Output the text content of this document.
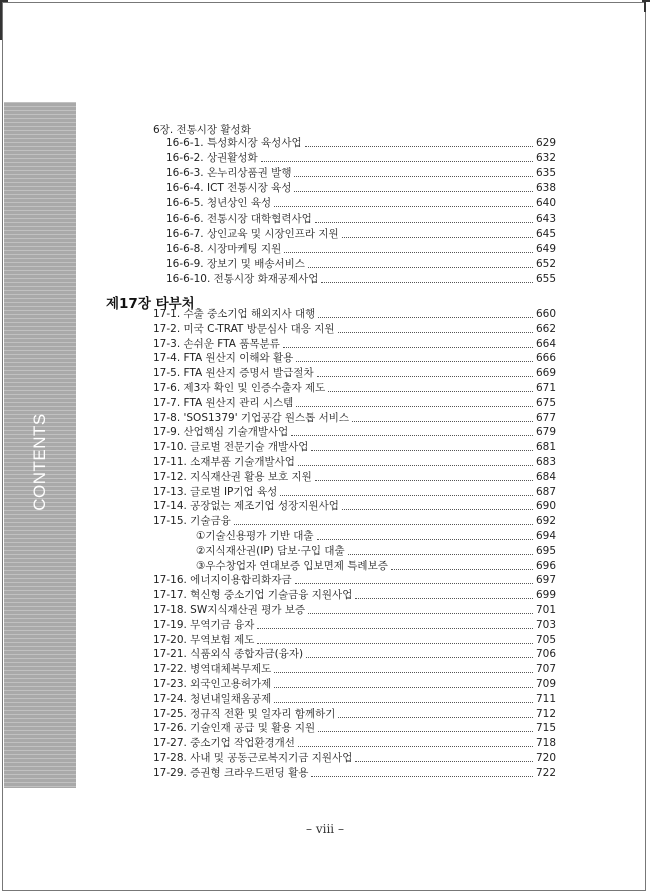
CONTENTS
6장. 전통시장 활성화
제17장 타부처
16-6-1. 특성화시장 육성사업	629
16-6-2. 상권활성화	632
16-6-3. 온누리상품권 발행	635
16-6-4. ICT 전통시장 육성	638
16-6-5. 청년상인 육성	640
16-6-6. 전통시장 대학협력사업	643
16-6-7. 상인교육 및 시장인프라 지원	645
16-6-8. 시장마케팅 지원	649
16-6-9. 장보기 및 배송서비스	652
16-6-10. 전통시장 화재공제사업	655
17-1. 수출 중소기업 해외지사 대행	660
17-2. 미국 C-TRAT 방문심사 대응 지원	662
17-3. 손쉬운 FTA 품목분류	664
17-4. FTA 원산지 이해와 활용	666
17-5. FTA 원산지 증명서 발급절차	669
17-6. 제3자 확인 및 인증수출자 제도	671
17-7. FTA 원산지 관리 시스템	675
17-8. 'SOS1379' 기업공감 원스톱 서비스	677
17-9. 산업핵심 기술개발사업	679
17-10. 글로벌 전문기술 개발사업	681
17-11. 소재부품 기술개발사업	683
17-12. 지식재산권 활용 보호 지원	684
17-13. 글로벌 IP기업 육성	687
17-14. 공장없는 제조기업 성장지원사업	690
17-15. 기술금융	692
①기술신용평가 기반 대출	694
②지식재산권(IP) 담보·구입 대출	695
③우수창업자 연대보증 입보면제 특례보증	696
17-16. 에너지이용합리화자금	697
17-17. 혁신형 중소기업 기술금융 지원사업	699
17-18. SW지식재산권 평가 보증	701
17-19. 무역기금 융자	703
17-20. 무역보험 제도	705
17-21. 식품외식 종합자금(융자)	706
17-22. 병역대체복무제도	707
17-23. 외국인고용허가제	709
17-24. 청년내일채움공제	711
17-25. 정규직 전환 및 일자리 함께하기	712
17-26. 기술인재 공급 및 활용 지원	715
17-27. 중소기업 작업환경개선	718
17-28. 사내 및 공동근로복지기금 지원사업	720
17-29. 증권형 크라우드펀딩 활용	722
– viii –
